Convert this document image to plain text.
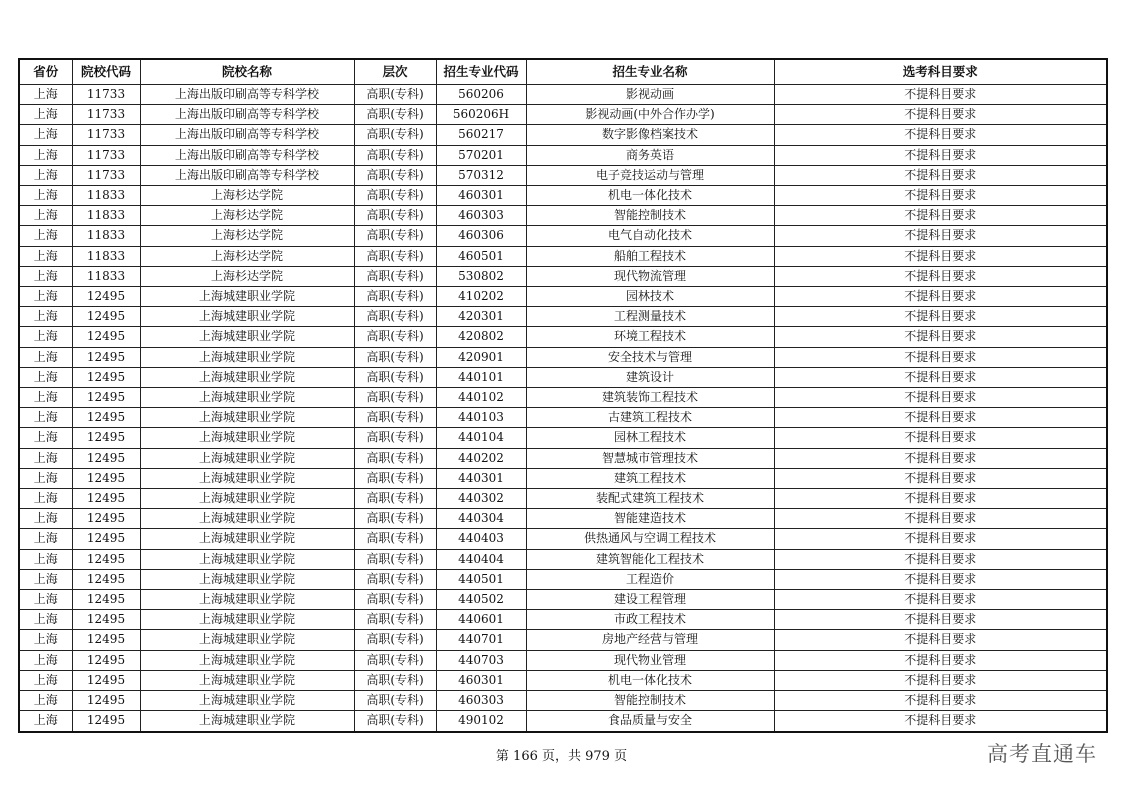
省份	院校代码	院校名称	层次	招生专业代码	招生专业名称	选考科目要求
上海	11733	上海出版印刷高等专科学校	高职(专科)	560206	影视动画	不提科目要求
上海	11733	上海出版印刷高等专科学校	高职(专科)	560206H	影视动画(中外合作办学)	不提科目要求
上海	11733	上海出版印刷高等专科学校	高职(专科)	560217	数字影像档案技术	不提科目要求
上海	11733	上海出版印刷高等专科学校	高职(专科)	570201	商务英语	不提科目要求
上海	11733	上海出版印刷高等专科学校	高职(专科)	570312	电子竞技运动与管理	不提科目要求
上海	11833	上海杉达学院	高职(专科)	460301	机电一体化技术	不提科目要求
上海	11833	上海杉达学院	高职(专科)	460303	智能控制技术	不提科目要求
上海	11833	上海杉达学院	高职(专科)	460306	电气自动化技术	不提科目要求
上海	11833	上海杉达学院	高职(专科)	460501	船舶工程技术	不提科目要求
上海	11833	上海杉达学院	高职(专科)	530802	现代物流管理	不提科目要求
上海	12495	上海城建职业学院	高职(专科)	410202	园林技术	不提科目要求
上海	12495	上海城建职业学院	高职(专科)	420301	工程测量技术	不提科目要求
上海	12495	上海城建职业学院	高职(专科)	420802	环境工程技术	不提科目要求
上海	12495	上海城建职业学院	高职(专科)	420901	安全技术与管理	不提科目要求
上海	12495	上海城建职业学院	高职(专科)	440101	建筑设计	不提科目要求
上海	12495	上海城建职业学院	高职(专科)	440102	建筑装饰工程技术	不提科目要求
上海	12495	上海城建职业学院	高职(专科)	440103	古建筑工程技术	不提科目要求
上海	12495	上海城建职业学院	高职(专科)	440104	园林工程技术	不提科目要求
上海	12495	上海城建职业学院	高职(专科)	440202	智慧城市管理技术	不提科目要求
上海	12495	上海城建职业学院	高职(专科)	440301	建筑工程技术	不提科目要求
上海	12495	上海城建职业学院	高职(专科)	440302	装配式建筑工程技术	不提科目要求
上海	12495	上海城建职业学院	高职(专科)	440304	智能建造技术	不提科目要求
上海	12495	上海城建职业学院	高职(专科)	440403	供热通风与空调工程技术	不提科目要求
上海	12495	上海城建职业学院	高职(专科)	440404	建筑智能化工程技术	不提科目要求
上海	12495	上海城建职业学院	高职(专科)	440501	工程造价	不提科目要求
上海	12495	上海城建职业学院	高职(专科)	440502	建设工程管理	不提科目要求
上海	12495	上海城建职业学院	高职(专科)	440601	市政工程技术	不提科目要求
上海	12495	上海城建职业学院	高职(专科)	440701	房地产经营与管理	不提科目要求
上海	12495	上海城建职业学院	高职(专科)	440703	现代物业管理	不提科目要求
上海	12495	上海城建职业学院	高职(专科)	460301	机电一体化技术	不提科目要求
上海	12495	上海城建职业学院	高职(专科)	460303	智能控制技术	不提科目要求
上海	12495	上海城建职业学院	高职(专科)	490102	食品质量与安全	不提科目要求
第 166 页，共 979 页	高考直通车
